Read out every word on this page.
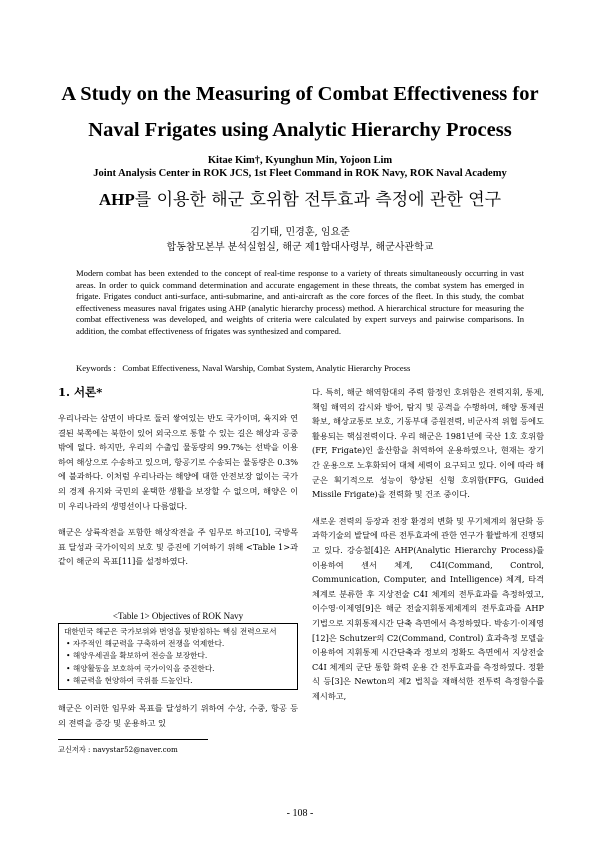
A Study on the Measuring of Combat Effectiveness for
Naval Frigates using Analytic Hierarchy Process
Kitae Kim†, Kyunghun Min, Yojoon Lim
Joint Analysis Center in ROK JCS, 1st Fleet Command in ROK Navy, ROK Naval Academy
AHP를 이용한 해군 호위함 전투효과 측정에 관한 연구
김기태, 민경훈, 임요준
합동참모본부 분석실험실, 해군 제1함대사령부, 해군사관학교
Modern combat has been extended to the concept of real-time response to a variety of threats simultaneously occurring in vast areas. In order to quick command determination and accurate engagement in these threats, the combat system has emerged in frigate. Frigates conduct anti-surface, anti-submarine, and anti-aircraft as the core forces of the fleet. In this study, the combat effectiveness measures naval frigates using AHP (analytic hierarchy process) method. A hierarchical structure for measuring the combat effectiveness was developed, and weights of criteria were calculated by expert surveys and pairwise comparisons. In addition, the combat effectiveness of frigates was synthesized and compared.
Keywords : Combat Effectiveness, Naval Warship, Combat System, Analytic Hierarchy Process
1. 서론*

우리나라는 삼면이 바다로 둘러 쌓여있는 반도 국가이며, 육지와 연결된 북쪽에는 북한이 있어 외국으로 통할 수 있는 길은 해상과 공중밖에 없다. 하지만, 우리의 수출입 물동량의 99.7%는 선박을 이용하여 해상으로 수송하고 있으며, 항공기로 수송되는 물동량은 0.3%에 불과하다. 이처럼 우리나라는 해양에 대한 안전보장 없이는 국가의 경제 유지와 국민의 윤택한 생활을 보장할 수 없으며, 해양은 이미 우리나라의 생명선이나 다름없다.

해군은 상륙작전을 포함한 해상작전을 주 임무로 하고[10], 국방목표 달성과 국가이익의 보호 및 증진에 기여하기 위해 <Table 1>과 같이 해군의 목표[11]를 설정하였다.

<Table 1> Objectives of ROK Navy
대한민국 해군은 국가보위와 번영을 뒷받침하는 핵심 전력으로서
• 자주적인 해군력을 구축하여 전쟁을 억제한다.
• 해양우세권을 확보하여 전승을 보장한다.
• 해양활동을 보호하여 국가이익을 증진한다.
• 해군력을 현양하여 국위를 드높인다.
해군은 이러한 임무와 목표를 달성하기 위하여 수상, 수중, 항공 등의 전력을 증강 및 운용하고 있

다. 특히, 해군 해역함대의 주력 함정인 호위함은 전력지휘, 통제, 책임 해역의 감시와 방어, 탐지 및 공격을 수행하며, 해양 통제권 확보, 해상교통로 보호, 기동부대 증원전력, 비군사적 위협 등에도 활용되는 핵심전력이다. 우리 해군은 1981년에 국산 1호 호위함(FF, Frigate)인 울산함을 취역하여 운용하였으나, 현재는 장기간 운용으로 노후화되어 대체 세력이 요구되고 있다. 이에 따라 해군은 획기적으로 성능이 향상된 신형 호위함(FFG, Guided Missile Frigate)을 전력화 및 건조 중이다.

새로운 전력의 등장과 전장 환경의 변화 및 무기체계의 첨단화 등 과학기술의 발달에 따른 전투효과에 관한 연구가 활발하게 진행되고 있다. 강승철[4]은 AHP(Analytic Hierarchy Process)를 이용하여 센서 체계, C4I(Command, Control, Communication, Computer, and Intelligence) 체계, 타격 체계로 분류한 후 지상전술 C4I 체계의 전투효과를 측정하였고, 이수영·이제영[9]은 해군 전술지휘통제체계의 전투효과를 AHP 기법으로 지휘통제시간 단축 측면에서 측정하였다. 박송기·이제영[12]은 Schutzer의 C2(Command, Control) 효과측정 모델을 이용하여 지휘통제 시간단축과 정보의 정확도 측면에서 지상전술 C4I 체계의 군단 통합 화력 운용 간 전투효과를 측정하였다. 정환식 등[3]은 Newton의 제2 법칙을 재해석한 전투력 측정함수를 제시하고,

교신저자 : navystar52@naver.com
- 108 -
